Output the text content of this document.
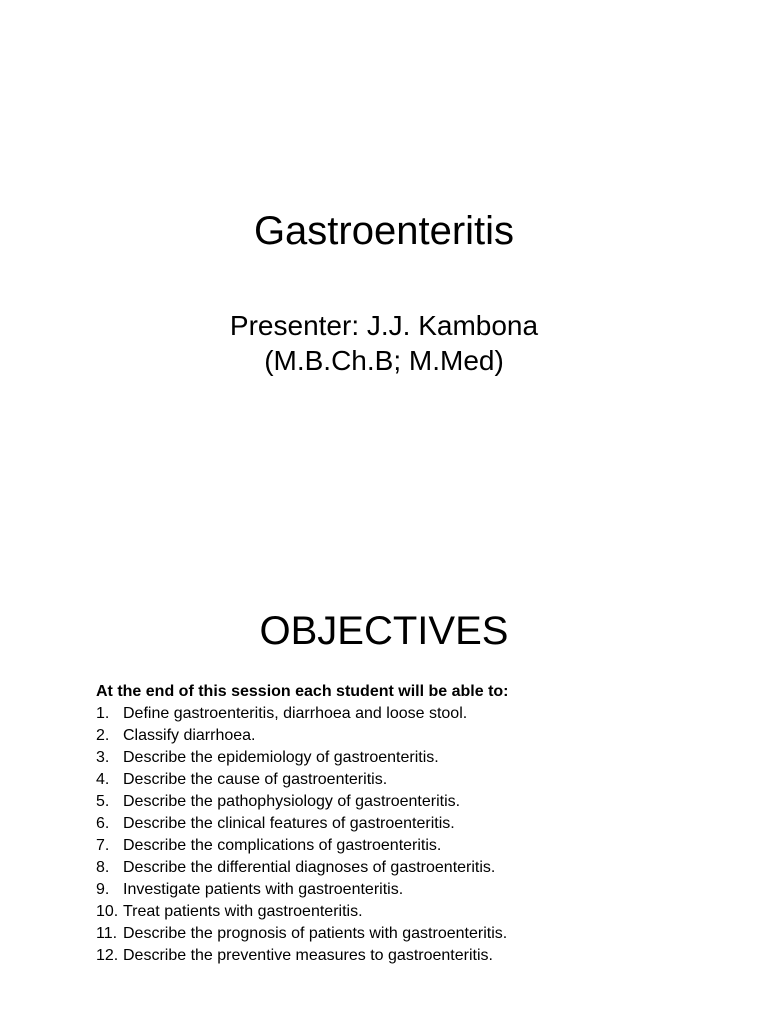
Gastroenteritis
Presenter: J.J. Kambona
(M.B.Ch.B; M.Med)
OBJECTIVES
At the end of this session each student will be able to:
1. Define gastroenteritis, diarrhoea and loose stool.
2. Classify diarrhoea.
3. Describe the epidemiology of gastroenteritis.
4. Describe the cause of gastroenteritis.
5. Describe the pathophysiology of gastroenteritis.
6. Describe the clinical features of gastroenteritis.
7. Describe the complications of gastroenteritis.
8. Describe the differential diagnoses of gastroenteritis.
9. Investigate patients with gastroenteritis.
10. Treat patients with gastroenteritis.
11. Describe the prognosis of patients with gastroenteritis.
12. Describe the preventive measures to gastroenteritis.
